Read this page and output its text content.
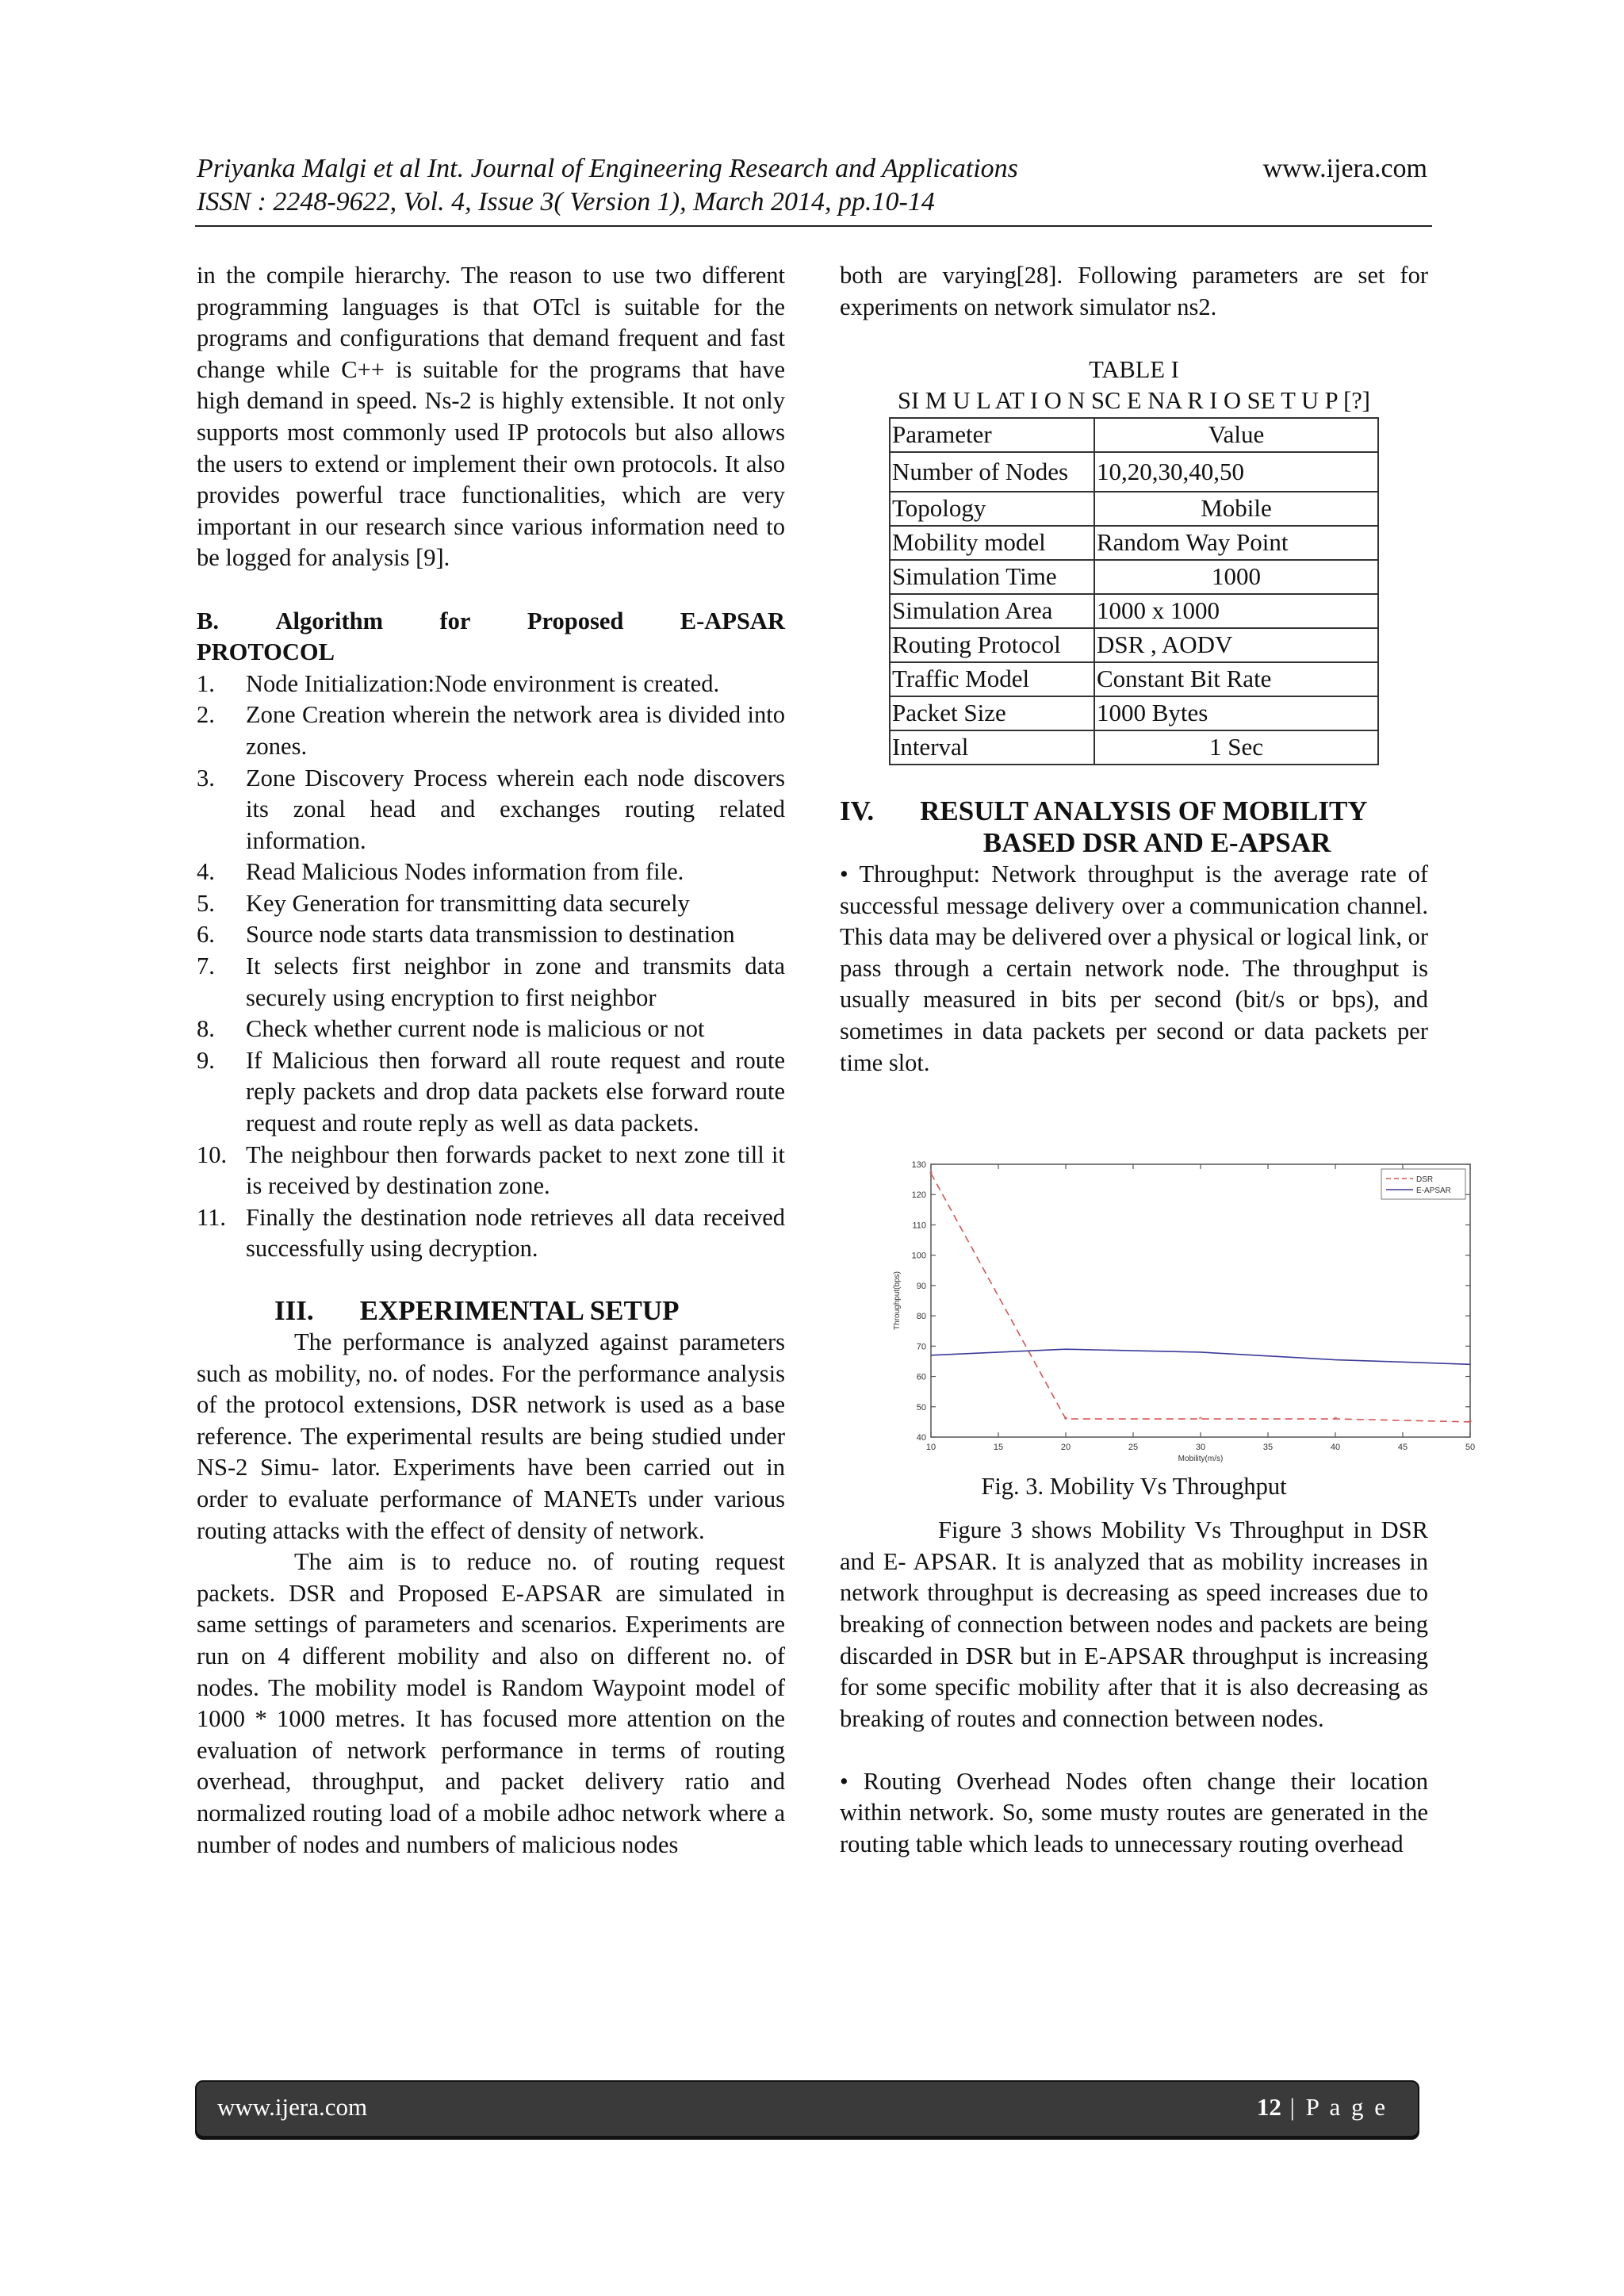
Priyanka Malgi et al Int. Journal of Engineering Research and Applications
ISSN : 2248-9622, Vol. 4, Issue 3( Version 1), March 2014, pp.10-14
www.ijera.com

in the compile hierarchy. The reason to use two different programming languages is that OTcl is suitable for the programs and configurations that demand frequent and fast change while C++ is suitable for the programs that have high demand in speed. Ns-2 is highly extensible. It not only supports most commonly used IP protocols but also allows the users to extend or implement their own protocols. It also provides powerful trace functionalities, which are very important in our research since various information need to be logged for analysis [9].

B. Algorithm for Proposed E-APSAR
PROTOCOL
1.	Node Initialization:Node environment is created.
2.	Zone Creation wherein the network area is divided into zones.
3.	Zone Discovery Process wherein each node discovers its zonal head and exchanges routing related information.
4.	Read Malicious Nodes information from file.
5.	Key Generation for transmitting data securely
6.	Source node starts data transmission to destination
7.	It selects first neighbor in zone and transmits data securely using encryption to first neighbor
8.	Check whether current node is malicious or not
9.	If Malicious then forward all route request and route reply packets and drop data packets else forward route request and route reply as well as data packets.
10. The neighbour then forwards packet to next zone till it is received by destination zone.
11. Finally the destination node retrieves all data received successfully using decryption.
III. EXPERIMENTAL SETUP

The performance is analyzed against parameters such as mobility, no. of nodes. For the performance analysis of the protocol extensions, DSR network is used as a base reference. The experimental results are being studied under NS-2 Simu- lator. Experiments have been carried out in order to evaluate performance of MANETs under various routing attacks with the effect of density of network.

The aim is to reduce no. of routing request packets. DSR and Proposed E-APSAR are simulated in same settings of parameters and scenarios. Experiments are run on 4 different mobility and also on different no. of nodes. The mobility model is Random Waypoint model of 1000 * 1000 metres. It has focused more attention on the evaluation of network performance in terms of routing overhead, throughput, and packet delivery ratio and normalized routing load of a mobile adhoc network where a number of nodes and numbers of malicious nodes

both are varying[28]. Following parameters are set for experiments on network simulator ns2.

TABLE I

SI M U L AT I O N SC E NA R I O SE T U P [?]

Parameter	Value
Number of Nodes	10,20,30,40,50
Topology	Mobile
Mobility model	Random Way Point
Simulation Time	1000
Simulation Area	1000 x 1000
Routing Protocol	DSR , AODV
Traffic Model	Constant Bit Rate
Packet Size	1000 Bytes
Interval	1 Sec
IV. RESULT ANALYSIS OF MOBILITY
BASED DSR AND E-APSAR

• Throughput: Network throughput is the average rate of successful message delivery over a communication channel. This data may be delivered over a physical or logical link, or pass through a certain network node. The throughput is usually measured in bits per second (bit/s or bps), and sometimes in data packets per second or data packets per time slot.

Figure 3 shows Mobility Vs Throughput in DSR and E- APSAR. It is analyzed that as mobility increases in network throughput is decreasing as speed increases due to breaking of connection between nodes and packets are being discarded in DSR but in E-APSAR throughput is increasing for some specific mobility after that it is also decreasing as breaking of routes and connection between nodes.

• Routing Overhead Nodes often change their location within network. So, some musty routes are generated in the routing table which leads to unnecessary routing overhead

10	15	20	25	30	35	40	45	50
40
50
60
70
80
90
100
110
120
130
Mobility(m/s)
Throughput(bps)
*
*	*	*	*
DSR
E-APSAR
Fig. 3. Mobility Vs Throughput
www.ijera.com	12 | P a g e
